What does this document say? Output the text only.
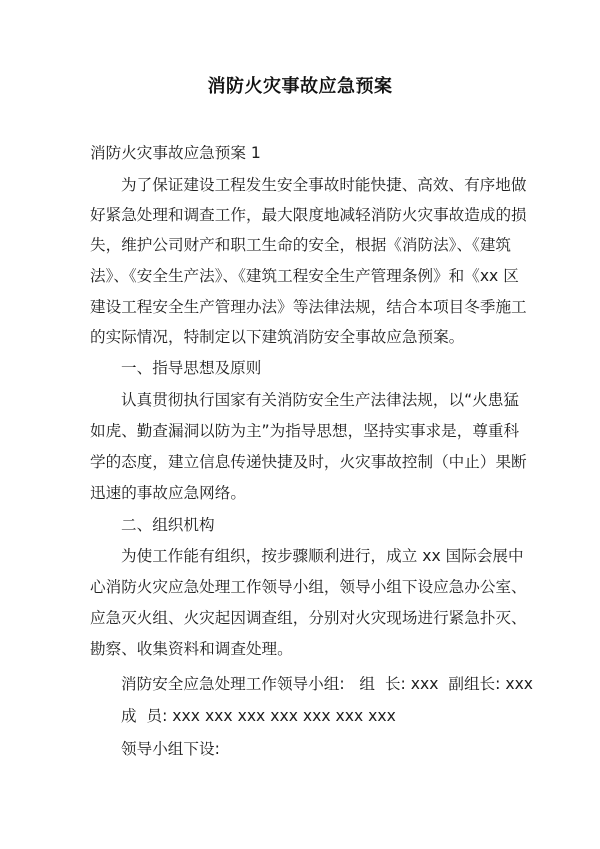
消防火灾事故应急预案
消防火灾事故应急预案 1
为了保证建设工程发生安全事故时能快捷、高效、有序地做
好紧急处理和调查工作，最大限度地减轻消防火灾事故造成的损
失，维护公司财产和职工生命的安全，根据《消防法》、《建筑
法》、《安全生产法》、《建筑工程安全生产管理条例》和《xx 区
建设工程安全生产管理办法》等法律法规，结合本项目冬季施工
的实际情况，特制定以下建筑消防安全事故应急预案。
一、指导思想及原则
认真贯彻执行国家有关消防安全生产法律法规，以“火患猛
如虎、勤查漏洞以防为主”为指导思想，坚持实事求是，尊重科
学的态度，建立信息传递快捷及时，火灾事故控制（中止）果断
迅速的事故应急网络。
二、组织机构
为使工作能有组织，按步骤顺利进行，成立 xx 国际会展中
心消防火灾应急处理工作领导小组，领导小组下设应急办公室、
应急灭火组、火灾起因调查组，分别对火灾现场进行紧急扑灭、
勘察、收集资料和调查处理。
消防安全应急处理工作领导小组:   组  长: xxx  副组长: xxx
成  员: xxx xxx xxx xxx xxx xxx xxx
领导小组下设:
